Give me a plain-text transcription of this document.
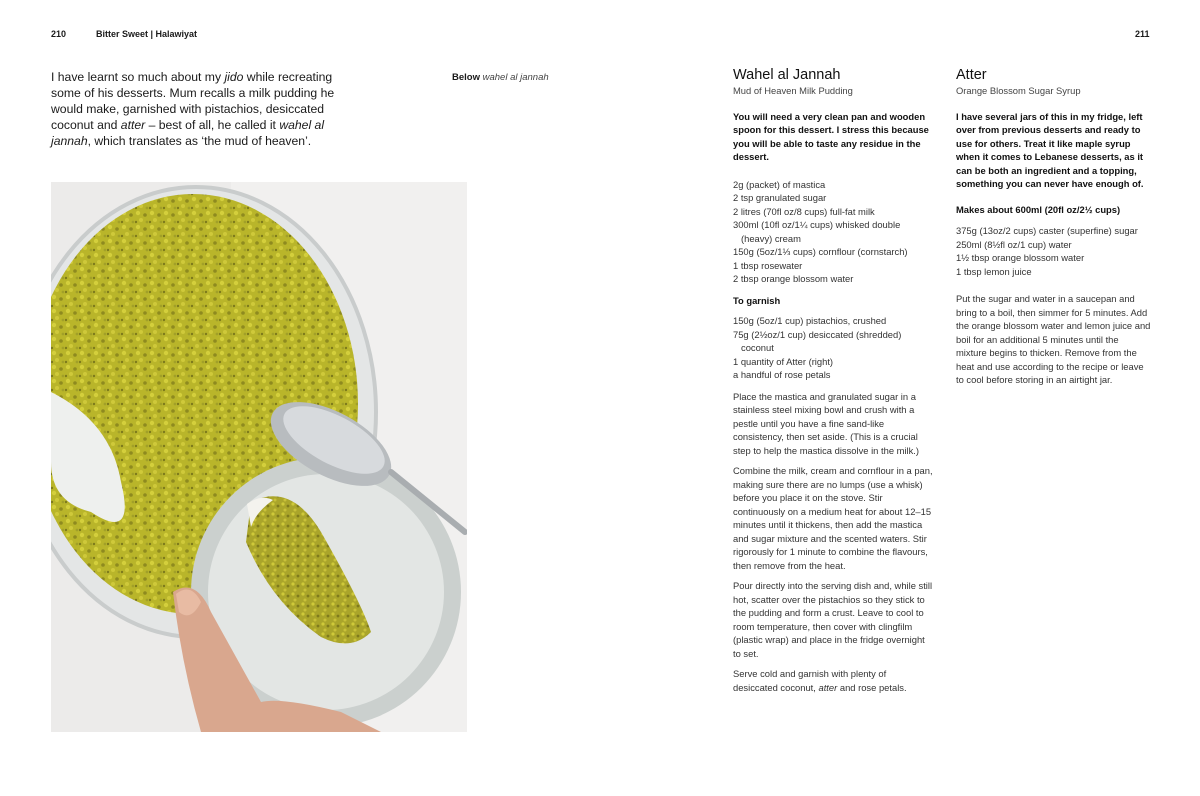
210	Bitter Sweet | Halawiyat
I have learnt so much about my jido while recreating some of his desserts. Mum recalls a milk pudding he would make, garnished with pistachios, desiccated coconut and atter – best of all, he called it wahel al jannah, which translates as ‘the mud of heaven’.
Below wahel al jannah
211
Wahel al Jannah
Mud of Heaven Milk Pudding

You will need a very clean pan and wooden spoon for this dessert. I stress this because you will be able to taste any residue in the dessert.

2g (packet) of mastica
2 tsp granulated sugar
2 litres (70fl oz/8 cups) full-fat milk
300ml (10fl oz/1¼ cups) whisked double (heavy) cream
150g (5oz/1⅓ cups) cornflour (cornstarch)
1 tbsp rosewater
2 tbsp orange blossom water

To garnish

150g (5oz/1 cup) pistachios, crushed
75g (2½oz/1 cup) desiccated (shredded) coconut
1 quantity of Atter (right)
a handful of rose petals

Place the mastica and granulated sugar in a stainless steel mixing bowl and crush with a pestle until you have a fine sand-like consistency, then set aside. (This is a crucial step to help the mastica dissolve in the milk.)

Combine the milk, cream and cornflour in a pan, making sure there are no lumps (use a whisk) before you place it on the stove. Stir continuously on a medium heat for about 12–15 minutes until it thickens, then add the mastica and sugar mixture and the scented waters. Stir rigorously for 1 minute to combine the flavours, then remove from the heat.

Pour directly into the serving dish and, while still hot, scatter over the pistachios so they stick to the pudding and form a crust. Leave to cool to room temperature, then cover with clingfilm (plastic wrap) and place in the fridge overnight to set.

Serve cold and garnish with plenty of desiccated coconut, atter and rose petals.

Atter
Orange Blossom Sugar Syrup

I have several jars of this in my fridge, left over from previous desserts and ready to use for others. Treat it like maple syrup when it comes to Lebanese desserts, as it can be both an ingredient and a topping, something you can never have enough of.

Makes about 600ml (20fl oz/2½ cups)

375g (13oz/2 cups) caster (superfine) sugar
250ml (8½fl oz/1 cup) water
1½ tbsp orange blossom water
1 tbsp lemon juice

Put the sugar and water in a saucepan and bring to a boil, then simmer for 5 minutes. Add the orange blossom water and lemon juice and boil for an additional 5 minutes until the mixture begins to thicken. Remove from the heat and use according to the recipe or leave to cool before storing in an airtight jar.
